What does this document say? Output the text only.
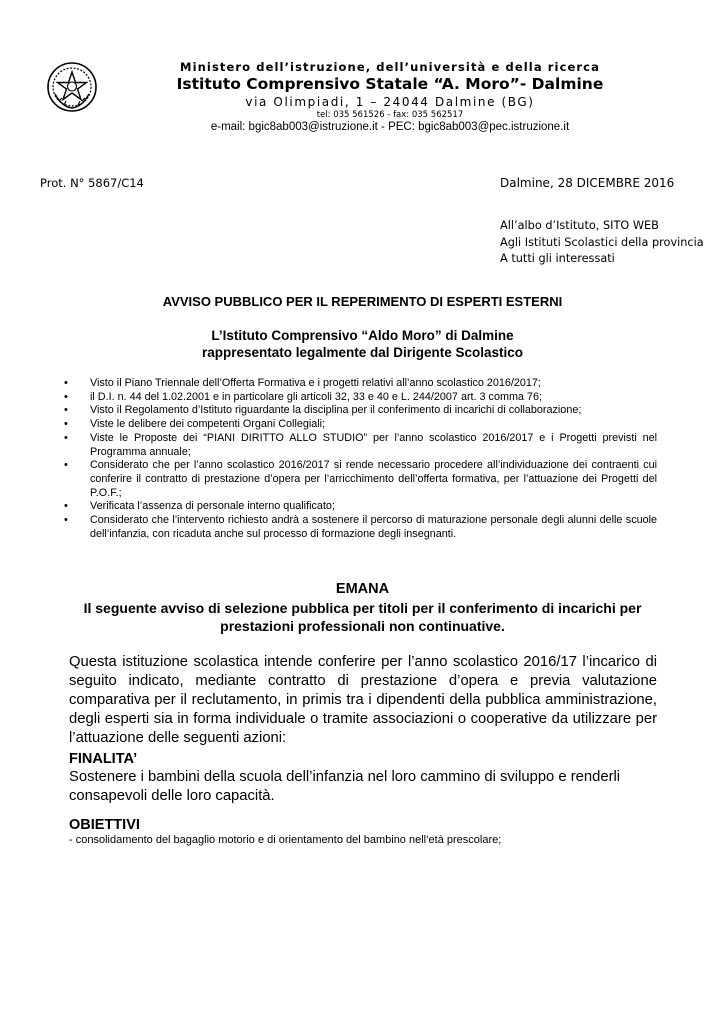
Ministero dell’istruzione, dell’università e della ricerca
Istituto Comprensivo Statale “A. Moro”- Dalmine
via Olimpiadi, 1 – 24044 Dalmine (BG)
tel: 035 561526 - fax: 035 562517
e-mail: bgic8ab003@istruzione.it - PEC: bgic8ab003@pec.istruzione.it
Prot. N° 5867/C14	Dalmine, 28 DICEMBRE 2016
All’albo d’Istituto, SITO WEB
Agli Istituti Scolastici della provincia
A tutti gli interessati
AVVISO PUBBLICO PER IL REPERIMENTO DI ESPERTI ESTERNI
L’Istituto Comprensivo “Aldo Moro” di Dalmine
rappresentato legalmente dal Dirigente Scolastico
• Visto il Piano Triennale dell’Offerta Formativa e i progetti relativi all’anno scolastico 2016/2017;
• il D.I. n. 44 del 1.02.2001 e in particolare gli articoli 32, 33 e 40 e L. 244/2007 art. 3 comma 76;
• Visto il Regolamento d’Istituto riguardante la disciplina per il conferimento di incarichi di collaborazione;
• Viste le delibere dei competenti Organi Collegiali;
• Viste le Proposte dei “PIANI DIRITTO ALLO STUDIO” per l’anno scolastico 2016/2017 e i Progetti previsti nel Programma annuale;
• Considerato che per l’anno scolastico 2016/2017 si rende necessario procedere all’individuazione dei contraenti cui conferire il contratto di prestazione d’opera per l’arricchimento dell’offerta formativa, per l’attuazione dei Progetti del P.O.F.;
• Verificata l’assenza di personale interno qualificato;
• Considerato che l’intervento richiesto andrà a sostenere il percorso di maturazione personale degli alunni delle scuole dell’infanzia, con ricaduta anche sul processo di formazione degli insegnanti.
EMANA
Il seguente avviso di selezione pubblica per titoli per il conferimento di incarichi per
prestazioni professionali non continuative.
Questa istituzione scolastica intende conferire per l’anno scolastico 2016/17 l’incarico di seguito indicato, mediante contratto di prestazione d’opera e previa valutazione comparativa per il reclutamento, in primis tra i dipendenti della pubblica amministrazione, degli esperti sia in forma individuale o tramite associazioni o cooperative da utilizzare per l’attuazione delle seguenti azioni:
FINALITA’
Sostenere i bambini della scuola dell’infanzia nel loro cammino di sviluppo e renderli consapevoli delle loro capacità.
OBIETTIVI
- consolidamento del bagaglio motorio e di orientamento del bambino nell’età prescolare;
